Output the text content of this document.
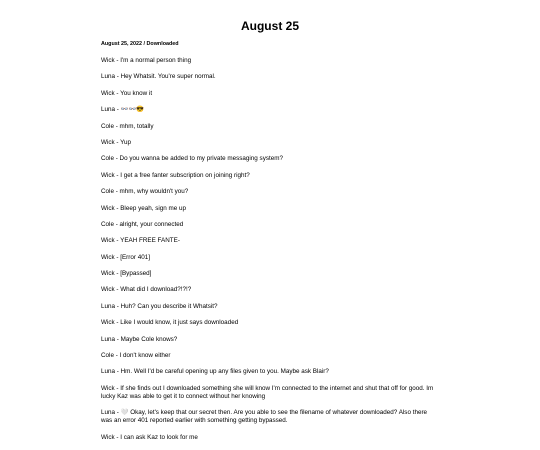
August 25
August 25, 2022 / Downloaded
Wick - I'm a normal person thing
Luna - Hey Whatsit. You're super normal.
Wick - You know it
Luna - 👓👓😎
Cole - mhm, totally
Wick - Yup
Cole - Do you wanna be added to my private messaging system?
Wick - I get a free fanter subscription on joining right?
Cole - mhm, why wouldn't you?
Wick - Bleep yeah, sign me up
Cole - alright, your connected
Wick - YEAH FREE FANTE-
Wick - [Error 401]
Wick - [Bypassed]
Wick - What did I download?!?!?
Luna - Huh? Can you describe it Whatsit?
Wick - Like I would know, it just says downloaded
Luna - Maybe Cole knows?
Cole - I don't know either
Luna - Hm. Well I'd be careful opening up any files given to you. Maybe ask Blair?
Wick - If she finds out I downloaded something she will know I'm connected to the internet and shut that off for good. Im lucky Kaz was able to get it to connect without her knowing
Luna - 🤍 Okay, let's keep that our secret then. Are you able to see the filename of whatever downloaded? Also there was an error 401 reported earlier with something getting bypassed.
Wick - I can ask Kaz to look for me
